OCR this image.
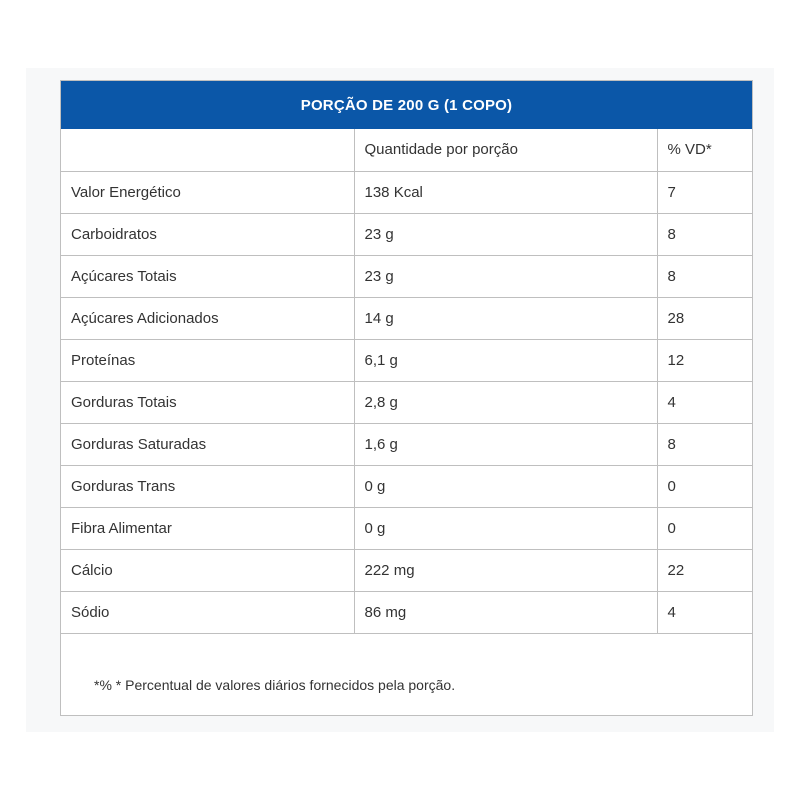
PORÇÃO DE 200 G (1 COPO)
	Quantidade por porção	% VD*
Valor Energético	138 Kcal	7
Carboidratos	23 g	8
Açúcares Totais	23 g	8
Açúcares Adicionados	14 g	28
Proteínas	6,1 g	12
Gorduras Totais	2,8 g	4
Gorduras Saturadas	1,6 g	8
Gorduras Trans	0 g	0
Fibra Alimentar	0 g	0
Cálcio	222 mg	22
Sódio	86 mg	4
*% * Percentual de valores diários fornecidos pela porção.
